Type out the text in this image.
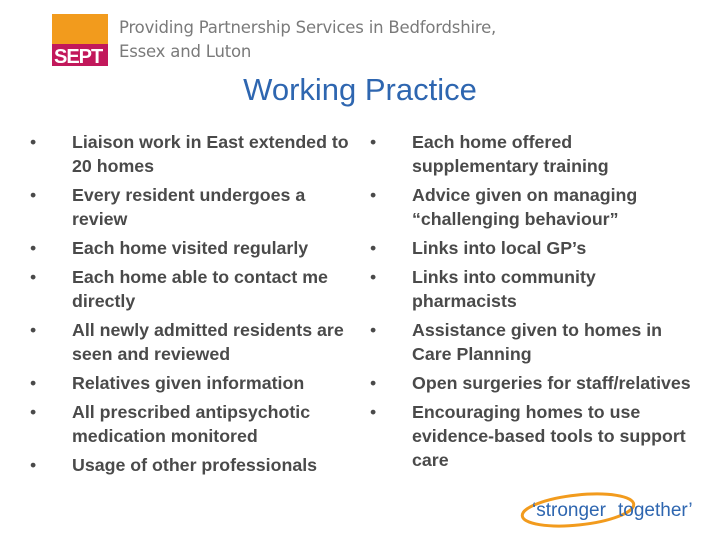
SEPT
Providing Partnership Services in Bedfordshire,
Essex and Luton
Working Practice
• Liaison work in East extended to 20 homes
• Every resident undergoes a review
• Each home visited regularly
• Each home able to contact me directly
• All newly admitted residents are seen and reviewed
• Relatives given information
• All prescribed antipsychotic medication monitored
• Usage of other professionals
• Each home offered supplementary training
• Advice given on managing “challenging behaviour”
• Links into local GP’s
• Links into community pharmacists
• Assistance given to homes in Care Planning
• Open surgeries for staff/relatives
• Encouraging homes to use evidence-based tools to support care
‘stronger together’
